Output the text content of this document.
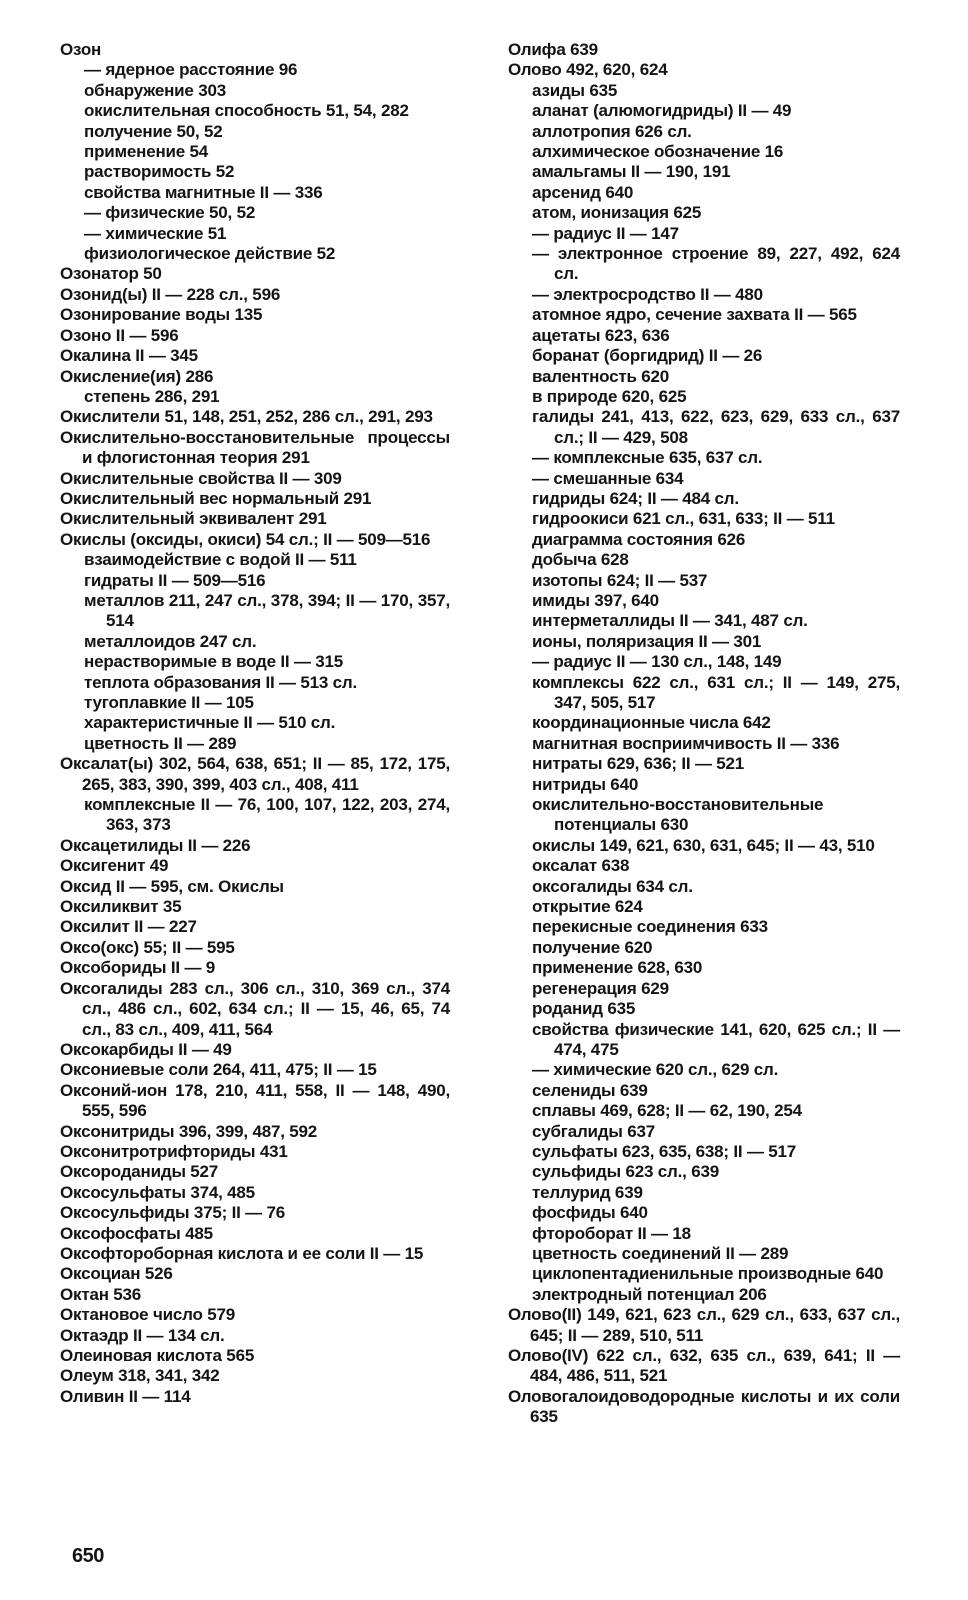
Озон
— ядерное расстояние 96
обнаружение 303
окислительная способность 51, 54, 282
получение 50, 52
применение 54
растворимость 52
свойства магнитные II — 336
— физические 50, 52
— химические 51
физиологическое действие 52
Озонатор 50
Озонид(ы) II — 228 сл., 596
Озонирование воды 135
Озоно II — 596
Окалина II — 345
Окисление(ия) 286
степень 286, 291
Окислители 51, 148, 251, 252, 286 сл., 291, 293
Окислительно-восстановительные процессы и флогистонная теория 291
Окислительные свойства II — 309
Окислительный вес нормальный 291
Окислительный эквивалент 291
Окислы (оксиды, окиси) 54 сл.; II — 509—516
взаимодействие с водой II — 511
гидраты II — 509—516
металлов 211, 247 сл., 378, 394; II — 170, 357, 514
металлоидов 247 сл.
нерастворимые в воде II — 315
теплота образования II — 513 сл.
тугоплавкие II — 105
характеристичные II — 510 сл.
цветность II — 289
Оксалат(ы) 302, 564, 638, 651; II — 85, 172, 175, 265, 383, 390, 399, 403 сл., 408, 411
комплексные II — 76, 100, 107, 122, 203, 274, 363, 373
Оксацетилиды II — 226
Оксигенит 49
Оксид II — 595, см. Окислы
Оксиликвит 35
Оксилит II — 227
Оксо(окс) 55; II — 595
Оксобориды II — 9
Оксогалиды 283 сл., 306 сл., 310, 369 сл., 374 сл., 486 сл., 602, 634 сл.; II — 15, 46, 65, 74 сл., 83 сл., 409, 411, 564
Оксокарбиды II — 49
Оксониевые соли 264, 411, 475; II — 15
Оксоний-ион 178, 210, 411, 558, II — 148, 490, 555, 596
Оксонитриды 396, 399, 487, 592
Оксонитротрифториды 431
Оксороданиды 527
Оксосульфаты 374, 485
Оксосульфиды 375; II — 76
Оксофосфаты 485
Оксофтороборная кислота и ее соли II — 15
Оксоциан 526
Октан 536
Октановое число 579
Октаэдр II — 134 сл.
Олеиновая кислота 565
Олеум 318, 341, 342
Оливин II — 114
Олифа 639
Олово 492, 620, 624
азиды 635
аланат (алюмогидриды) II — 49
аллотропия 626 сл.
алхимическое обозначение 16
амальгамы II — 190, 191
арсенид 640
атом, ионизация 625
— радиус II — 147
— электронное строение 89, 227, 492, 624 сл.
— электросродство II — 480
атомное ядро, сечение захвата II — 565
ацетаты 623, 636
боранат (боргидрид) II — 26
валентность 620
в природе 620, 625
галиды 241, 413, 622, 623, 629, 633 сл., 637 сл.; II — 429, 508
— комплексные 635, 637 сл.
— смешанные 634
гидриды 624; II — 484 сл.
гидроокиси 621 сл., 631, 633; II — 511
диаграмма состояния 626
добыча 628
изотопы 624; II — 537
имиды 397, 640
интерметаллиды II — 341, 487 сл.
ионы, поляризация II — 301
— радиус II — 130 сл., 148, 149
комплексы 622 сл., 631 сл.; II — 149, 275, 347, 505, 517
координационные числа 642
магнитная восприимчивость II — 336
нитраты 629, 636; II — 521
нитриды 640
окислительно-восстановительные потенциалы 630
окислы 149, 621, 630, 631, 645; II — 43, 510
оксалат 638
оксогалиды 634 сл.
открытие 624
перекисные соединения 633
получение 620
применение 628, 630
регенерация 629
роданид 635
свойства физические 141, 620, 625 сл.; II — 474, 475
— химические 620 сл., 629 сл.
селениды 639
сплавы 469, 628; II — 62, 190, 254
субгалиды 637
сульфаты 623, 635, 638; II — 517
сульфиды 623 сл., 639
теллурид 639
фосфиды 640
фтороборат II — 18
цветность соединений II — 289
циклопентадиенильные производные 640
электродный потенциал 206
Олово(II) 149, 621, 623 сл., 629 сл., 633, 637 сл., 645; II — 289, 510, 511
Олово(IV) 622 сл., 632, 635 сл., 639, 641; II — 484, 486, 511, 521
Оловогалоидоводородные кислоты и их соли 635
650
